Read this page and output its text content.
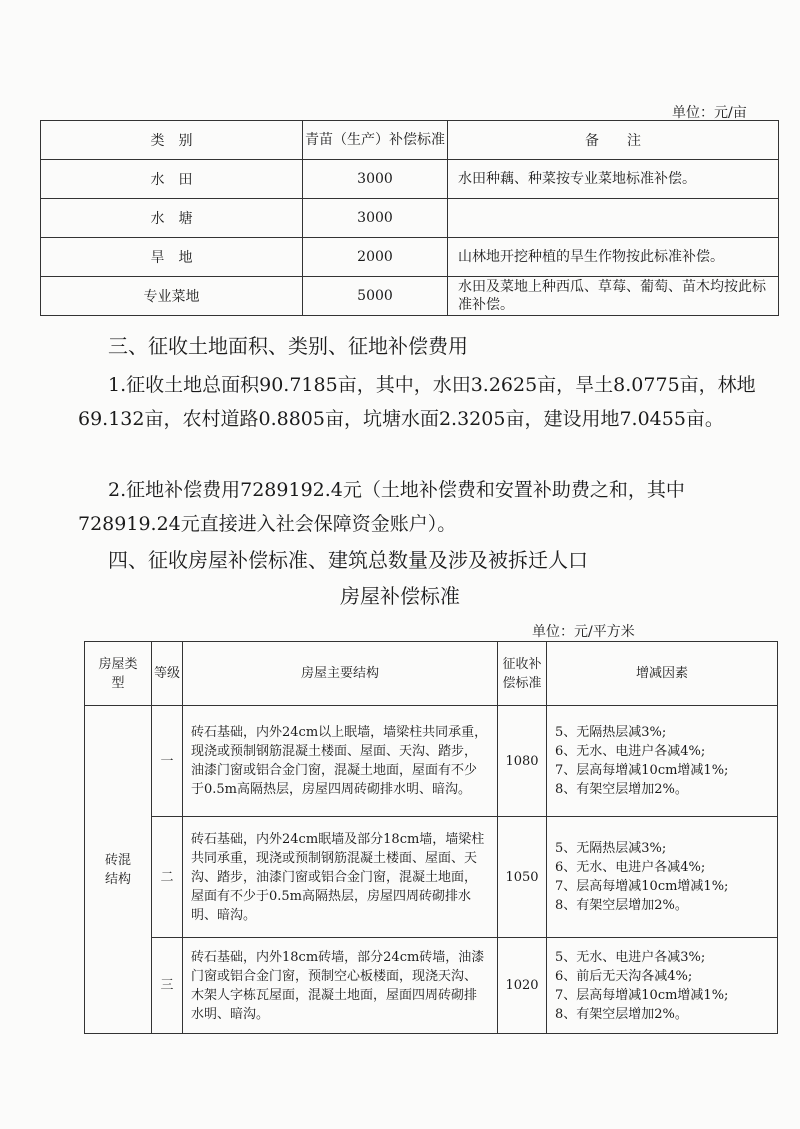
单位：元/亩
类　别	青苗（生产）补偿标准	备　　注
水　田	3000	水田种藕、种菜按专业菜地标准补偿。
水　塘	3000	
旱　地	2000	山林地开挖种植的旱生作物按此标准补偿。
专业菜地	5000	水田及菜地上种西瓜、草莓、葡萄、苗木均按此标准补偿。
三、征收土地面积、类别、征地补偿费用
1.征收土地总面积90.7185亩，其中，水田3.2625亩，旱土8.0775亩，林地69.132亩，农村道路0.8805亩，坑塘水面2.3205亩，建设用地7.0455亩。
2.征地补偿费用7289192.4元（土地补偿费和安置补助费之和，其中728919.24元直接进入社会保障资金账户）。
四、征收房屋补偿标准、建筑总数量及涉及被拆迁人口
房屋补偿标准
单位：元/平方米
房屋类型	等级	房屋主要结构	征收补偿标准	增减因素
砖混结构	一	砖石基础，内外24cm以上眠墙，墙梁柱共同承重，现浇或预制钢筋混凝土楼面、屋面、天沟、踏步，油漆门窗或铝合金门窗，混凝土地面，屋面有不少于0.5m高隔热层，房屋四周砖砌排水明、暗沟。	1080	5、无隔热层减3%;
6、无水、电进户各减4%;
7、层高每增减10cm增减1%;
8、有架空层增加2%。

	二	砖石基础，内外24cm眠墙及部分18cm墙，墙梁柱共同承重，现浇或预制钢筋混凝土楼面、屋面、天沟、踏步，油漆门窗或铝合金门窗，混凝土地面，屋面有不少于0.5m高隔热层，房屋四周砖砌排水明、暗沟。	1050	5、无隔热层减3%;
6、无水、电进户各减4%;
7、层高每增减10cm增减1%;
8、有架空层增加2%。

	三	砖石基础，内外18cm砖墙，部分24cm砖墙，油漆门窗或铝合金门窗，预制空心板楼面，现浇天沟、木架人字栋瓦屋面，混凝土地面，屋面四周砖砌排水明、暗沟。	1020	5、无水、电进户各减3%;
6、前后无天沟各减4%;
7、层高每增减10cm增减1%;
8、有架空层增加2%。
